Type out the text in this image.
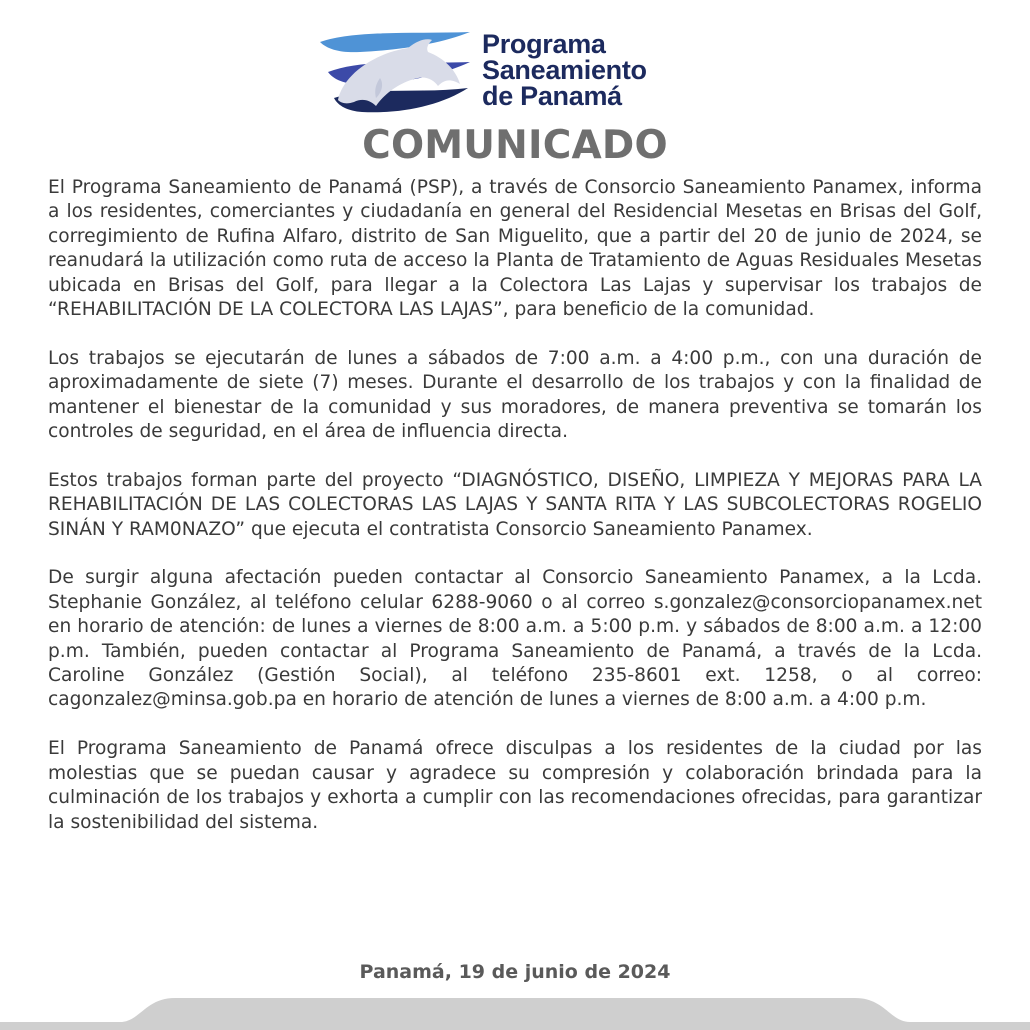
Programa
Saneamiento
de Panamá
COMUNICADO

El Programa Saneamiento de Panamá (PSP), a través de Consorcio Saneamiento Panamex, informa a los residentes, comerciantes y ciudadanía en general del Residencial Mesetas en Brisas del Golf, corregimiento de Rufina Alfaro, distrito de San Miguelito, que a partir del 20 de junio de 2024, se reanudará la utilización como ruta de acceso la Planta de Tratamiento de Aguas Residuales Mesetas ubicada en Brisas del Golf, para llegar a la Colectora Las Lajas y supervisar los trabajos de “REHABILITACIÓN DE LA COLECTORA LAS LAJAS”, para beneficio de la comunidad.

Los trabajos se ejecutarán de lunes a sábados de 7:00 a.m. a 4:00 p.m., con una duración de aproximadamente de siete (7) meses. Durante el desarrollo de los trabajos y con la finalidad de mantener el bienestar de la comunidad y sus moradores, de manera preventiva se tomarán los controles de seguridad, en el área de influencia directa.

Estos trabajos forman parte del proyecto “DIAGNÓSTICO, DISEÑO, LIMPIEZA Y MEJORAS PARA LA REHABILITACIÓN DE LAS COLECTORAS LAS LAJAS Y SANTA RITA Y LAS SUBCOLECTORAS ROGELIO SINÁN Y RAM0NAZO” que ejecuta el contratista Consorcio Saneamiento Panamex.

De surgir alguna afectación pueden contactar al Consorcio Saneamiento Panamex, a la Lcda. Stephanie González, al teléfono celular 6288-9060 o al correo s.gonzalez@consorciopanamex.net en horario de atención: de lunes a viernes de 8:00 a.m. a 5:00 p.m. y sábados de 8:00 a.m. a 12:00 p.m. También, pueden contactar al Programa Saneamiento de Panamá, a través de la Lcda. Caroline González (Gestión Social), al teléfono 235-8601 ext. 1258, o al correo: cagonzalez@minsa.gob.pa en horario de atención de lunes a viernes de 8:00 a.m. a 4:00 p.m.

El Programa Saneamiento de Panamá ofrece disculpas a los residentes de la ciudad por las molestias que se puedan causar y agradece su compresión y colaboración brindada para la culminación de los trabajos y exhorta a cumplir con las recomendaciones ofrecidas, para garantizar la sostenibilidad del sistema.

Panamá, 19 de junio de 2024
